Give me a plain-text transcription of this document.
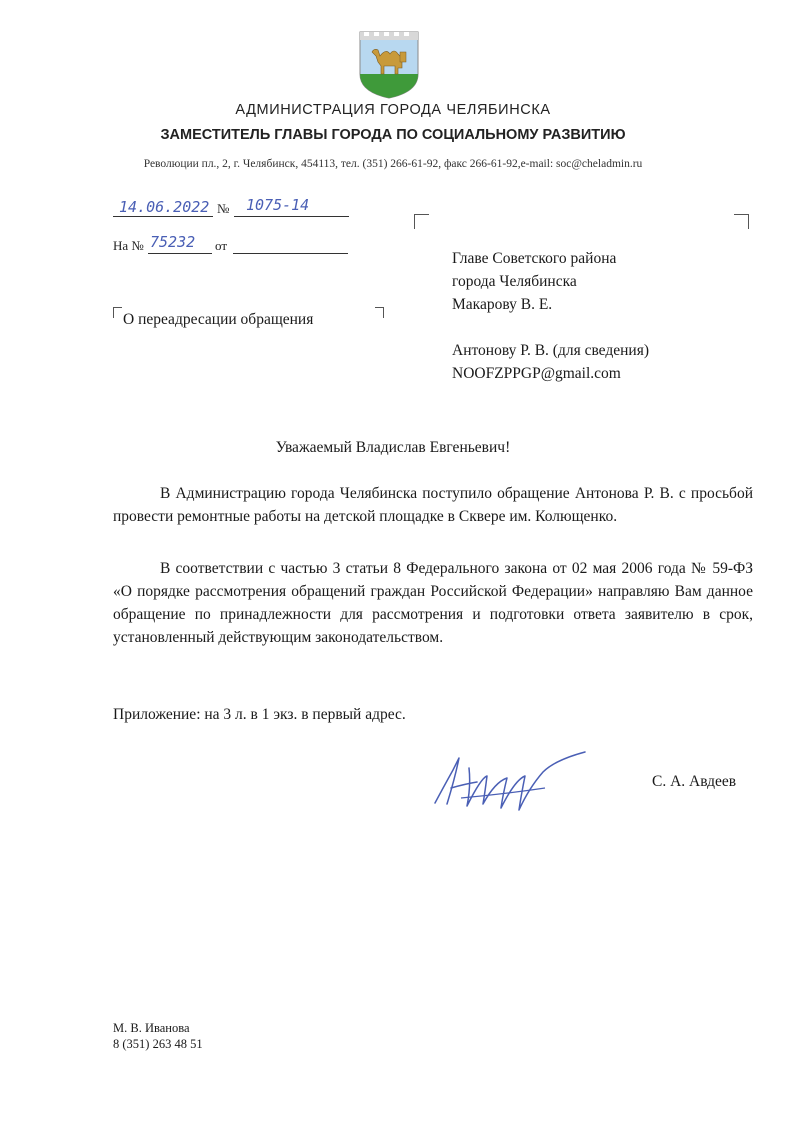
АДМИНИСТРАЦИЯ ГОРОДА ЧЕЛЯБИНСКА
ЗАМЕСТИТЕЛЬ ГЛАВЫ ГОРОДА ПО СОЦИАЛЬНОМУ РАЗВИТИЮ
Революции пл., 2, г. Челябинск, 454113, тел. (351) 266-61-92, факс 266-61-92,e-mail: soc@cheladmin.ru
14.06.2022 № 1075-14
На № 75232 от
Главе Советского района
города Челябинска
Макарову В. Е.
Антонову Р. В. (для сведения)
NOOFZPPGP@gmail.com
О переадресации обращения
Уважаемый Владислав Евгеньевич!
В Администрацию города Челябинска поступило обращение Антонова Р. В. с просьбой провести ремонтные работы на детской площадке в Сквере им. Колющенко.
В соответствии с частью 3 статьи 8 Федерального закона от 02 мая 2006 года № 59-ФЗ «О порядке рассмотрения обращений граждан Российской Федерации» направляю Вам данное обращение по принадлежности для рассмотрения и подготовки ответа заявителю в срок, установленный действующим законодательством.
Приложение: на 3 л. в 1 экз. в первый адрес.
С. А. Авдеев
М. В. Иванова
8 (351) 263 48 51
